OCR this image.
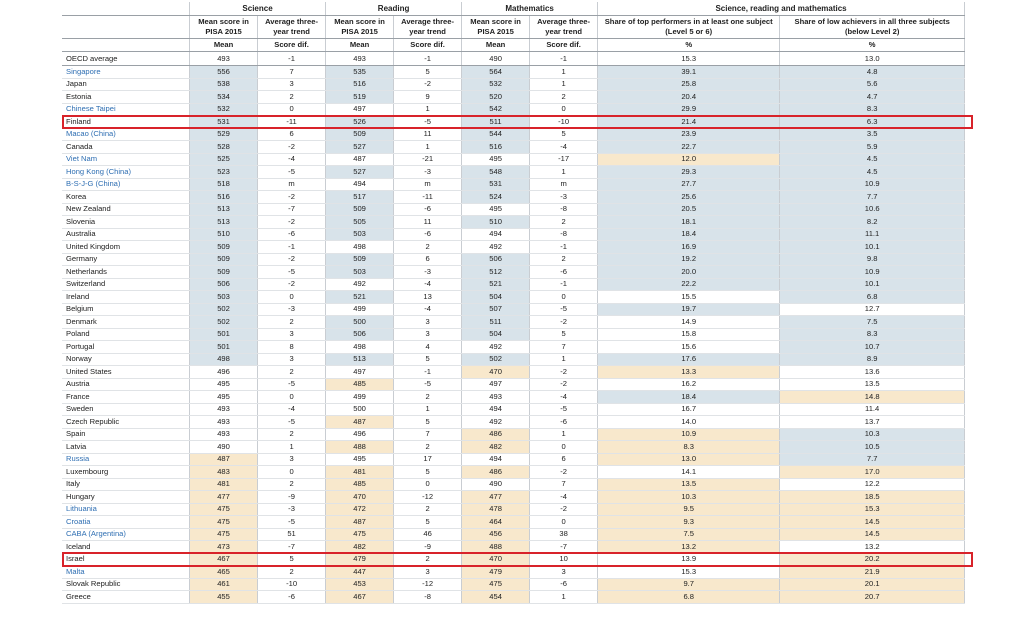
	Science		Reading		Mathematics		Science, reading and mathematics	
	Mean score in PISA 2015	Average three-year trend	Mean score in PISA 2015	Average three-year trend	Mean score in PISA 2015	Average three-year trend	Share of top performers in at least one subject (Level 5 or 6)	Share of low achievers in all three subjects (below Level 2)
	Mean	Score dif.	Mean	Score dif.	Mean	Score dif.	%	%
OECD average	493	-1	493	-1	490	-1	15.3	13.0
Singapore	556	7	535	5	564	1	39.1	4.8
Japan	538	3	516	-2	532	1	25.8	5.6
Estonia	534	2	519	9	520	2	20.4	4.7
Chinese Taipei	532	0	497	1	542	0	29.9	8.3
Finland	531	-11	526	-5	511	-10	21.4	6.3
Macao (China)	529	6	509	11	544	5	23.9	3.5
Canada	528	-2	527	1	516	-4	22.7	5.9
Viet Nam	525	-4	487	-21	495	-17	12.0	4.5
Hong Kong (China)	523	-5	527	-3	548	1	29.3	4.5
B-S-J-G (China)	518	m	494	m	531	m	27.7	10.9
Korea	516	-2	517	-11	524	-3	25.6	7.7
New Zealand	513	-7	509	-6	495	-8	20.5	10.6
Slovenia	513	-2	505	11	510	2	18.1	8.2
Australia	510	-6	503	-6	494	-8	18.4	11.1
United Kingdom	509	-1	498	2	492	-1	16.9	10.1
Germany	509	-2	509	6	506	2	19.2	9.8
Netherlands	509	-5	503	-3	512	-6	20.0	10.9
Switzerland	506	-2	492	-4	521	-1	22.2	10.1
Ireland	503	0	521	13	504	0	15.5	6.8
Belgium	502	-3	499	-4	507	-5	19.7	12.7
Denmark	502	2	500	3	511	-2	14.9	7.5
Poland	501	3	506	3	504	5	15.8	8.3
Portugal	501	8	498	4	492	7	15.6	10.7
Norway	498	3	513	5	502	1	17.6	8.9
United States	496	2	497	-1	470	-2	13.3	13.6
Austria	495	-5	485	-5	497	-2	16.2	13.5
France	495	0	499	2	493	-4	18.4	14.8
Sweden	493	-4	500	1	494	-5	16.7	11.4
Czech Republic	493	-5	487	5	492	-6	14.0	13.7
Spain	493	2	496	7	486	1	10.9	10.3
Latvia	490	1	488	2	482	0	8.3	10.5
Russia	487	3	495	17	494	6	13.0	7.7
Luxembourg	483	0	481	5	486	-2	14.1	17.0
Italy	481	2	485	0	490	7	13.5	12.2
Hungary	477	-9	470	-12	477	-4	10.3	18.5
Lithuania	475	-3	472	2	478	-2	9.5	15.3
Croatia	475	-5	487	5	464	0	9.3	14.5
CABA (Argentina)	475	51	475	46	456	38	7.5	14.5
Iceland	473	-7	482	-9	488	-7	13.2	13.2
Israel	467	5	479	2	470	10	13.9	20.2
Malta	465	2	447	3	479	3	15.3	21.9
Slovak Republic	461	-10	453	-12	475	-6	9.7	20.1
Greece	455	-6	467	-8	454	1	6.8	20.7
